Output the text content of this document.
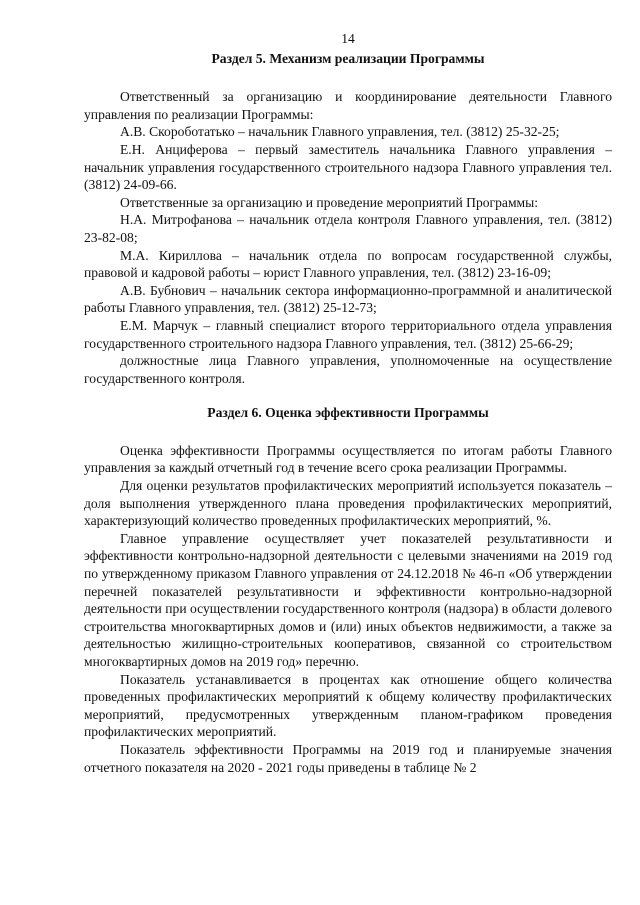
14

Раздел 5. Механизм реализации Программы

Ответственный за организацию и координирование деятельности Главного управления по реализации Программы:

А.В. Скороботатько – начальник Главного управления, тел. (3812) 25-32-25;

Е.Н. Анциферова – первый заместитель начальника Главного управления – начальник управления государственного строительного надзора Главного управления тел. (3812) 24-09-66.

Ответственные за организацию и проведение мероприятий Программы:

Н.А. Митрофанова – начальник отдела контроля Главного управления, тел. (3812) 23-82-08;

М.А. Кириллова – начальник отдела по вопросам государственной службы, правовой и кадровой работы – юрист Главного управления, тел. (3812) 23-16-09;

А.В. Бубнович – начальник сектора информационно-программной и аналитической работы Главного управления, тел. (3812) 25-12-73;

Е.М. Марчук – главный специалист второго территориального отдела управления государственного строительного надзора Главного управления, тел. (3812) 25-66-29;

должностные лица Главного управления, уполномоченные на осуществление государственного контроля.

Раздел 6. Оценка эффективности Программы

Оценка эффективности Программы осуществляется по итогам работы Главного управления за каждый отчетный год в течение всего срока реализации Программы.

Для оценки результатов профилактических мероприятий используется показатель – доля выполнения утвержденного плана проведения профилактических мероприятий, характеризующий количество проведенных профилактических мероприятий, %.

Главное управление осуществляет учет показателей результативности и эффективности контрольно-надзорной деятельности с целевыми значениями на 2019 год по утвержденному приказом Главного управления от 24.12.2018 № 46-п «Об утверждении перечней показателей результативности и эффективности контрольно-надзорной деятельности при осуществлении государственного контроля (надзора) в области долевого строительства многоквартирных домов и (или) иных объектов недвижимости, а также за деятельностью жилищно-строительных кооперативов, связанной со строительством многоквартирных домов на 2019 год» перечню.

Показатель устанавливается в процентах как отношение общего количества проведенных профилактических мероприятий к общему количеству профилактических мероприятий, предусмотренных утвержденным планом-графиком проведения профилактических мероприятий.

Показатель эффективности Программы на 2019 год и планируемые значения отчетного показателя на 2020 - 2021 годы приведены в таблице № 2
